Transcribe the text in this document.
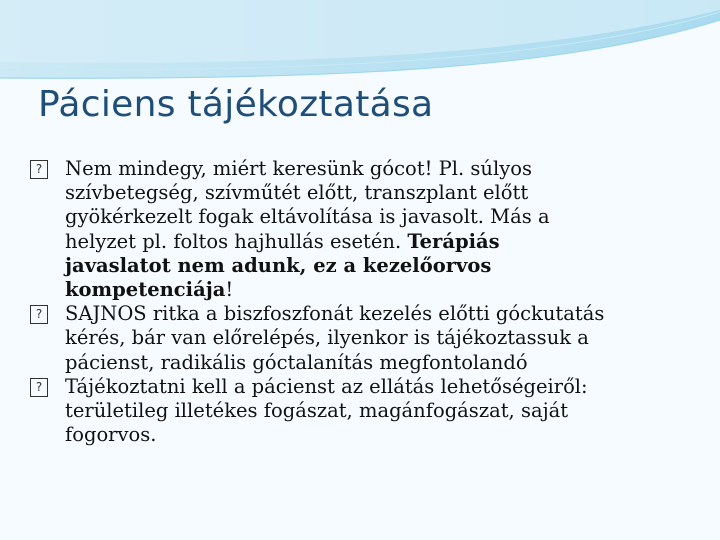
Páciens tájékoztatása
? Nem mindegy, miért keresünk gócot! Pl. súlyos
szívbetegség, szívműtét előtt, transzplant előtt
gyökérkezelt fogak eltávolítása is javasolt. Más a
helyzet pl. foltos hajhullás esetén. Terápiás
javaslatot nem adunk, ez a kezelőorvos
kompetenciája!
? SAJNOS ritka a biszfoszfonát kezelés előtti góckutatás
kérés, bár van előrelépés, ilyenkor is tájékoztassuk a
pácienst, radikális góctalanítás megfontolandó
? Tájékoztatni kell a pácienst az ellátás lehetőségeiről:
területileg illetékes fogászat, magánfogászat, saját
fogorvos.
